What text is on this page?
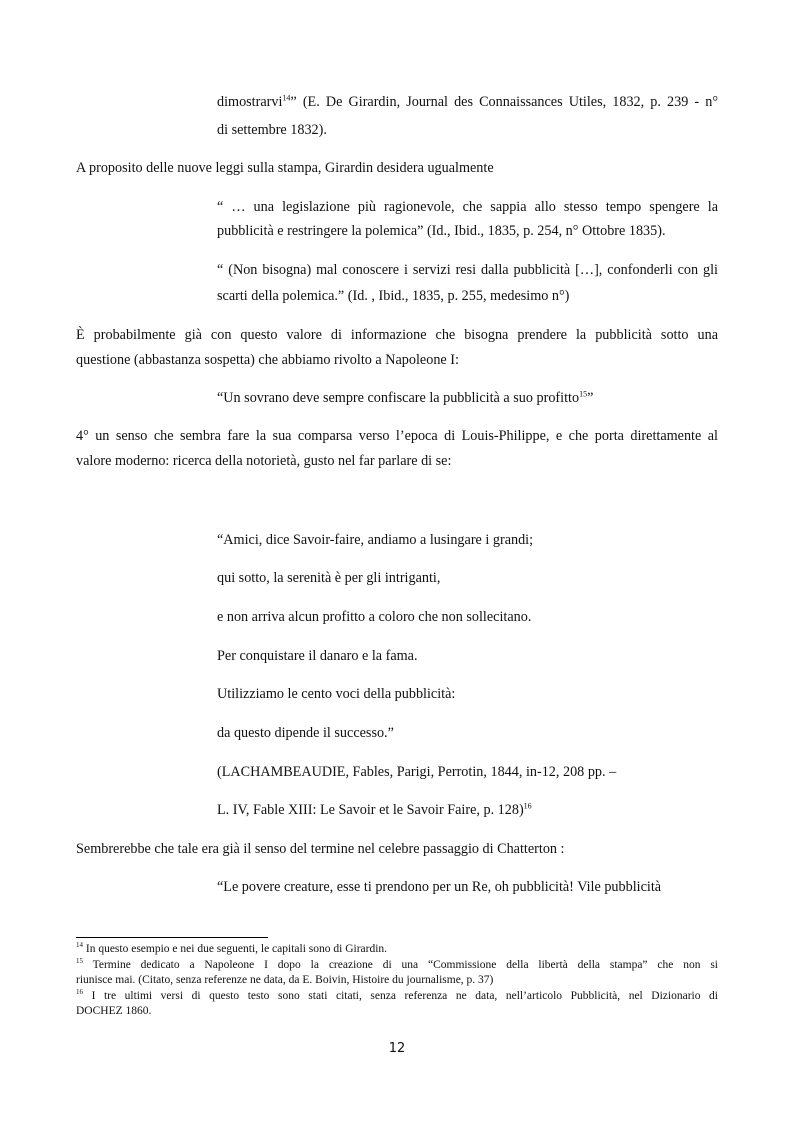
dimostrarvi$^{14}$” (E. De Girardin, Journal des Connaissances Utiles, 1832, p. 239 - n°

di settembre 1832).

A proposito delle nuove leggi sulla stampa, Girardin desidera ugualmente

“ … una legislazione più ragionevole, che sappia allo stesso tempo spengere la

pubblicità e restringere la polemica” (Id., Ibid., 1835, p. 254, n° Ottobre 1835).

“ (Non bisogna) mal conoscere i servizi resi dalla pubblicità […], confonderli con gli

scarti della polemica.” (Id. , Ibid., 1835, p. 255, medesimo n°)

È probabilmente già con questo valore di informazione che bisogna prendere la pubblicità sotto una

questione (abbastanza sospetta) che abbiamo rivolto a Napoleone I:

“Un sovrano deve sempre confiscare la pubblicità a suo profitto$^{15}$”

4° un senso che sembra fare la sua comparsa verso l’epoca di Louis-Philippe, e che porta direttamente al

valore moderno: ricerca della notorietà, gusto nel far parlare di se:

“Amici, dice Savoir-faire, andiamo a lusingare i grandi;

qui sotto, la serenità è per gli intriganti,

e non arriva alcun profitto a coloro che non sollecitano.

Per conquistare il danaro e la fama.

Utilizziamo le cento voci della pubblicità:

da questo dipende il successo.”

(LACHAMBEAUDIE, Fables, Parigi, Perrotin, 1844, in-12, 208 pp. –

L. IV, Fable XIII: Le Savoir et le Savoir Faire, p. 128)$^{16}$

Sembrerebbe che tale era già il senso del termine nel celebre passaggio di Chatterton :

“Le povere creature, esse ti prendono per un Re, oh pubblicità! Vile pubblicità

$^{14}$ In questo esempio e nei due seguenti, le capitali sono di Girardin.

$^{15}$ Termine dedicato a Napoleone I dopo la creazione di una “Commissione della libertà della stampa” che non si

riunisce mai. (Citato, senza referenze ne data, da E. Boivin, Histoire du journalisme, p. 37)

$^{16}$ I tre ultimi versi di questo testo sono stati citati, senza referenza ne data, nell’articolo Pubblicità, nel Dizionario di

DOCHEZ 1860.

12
